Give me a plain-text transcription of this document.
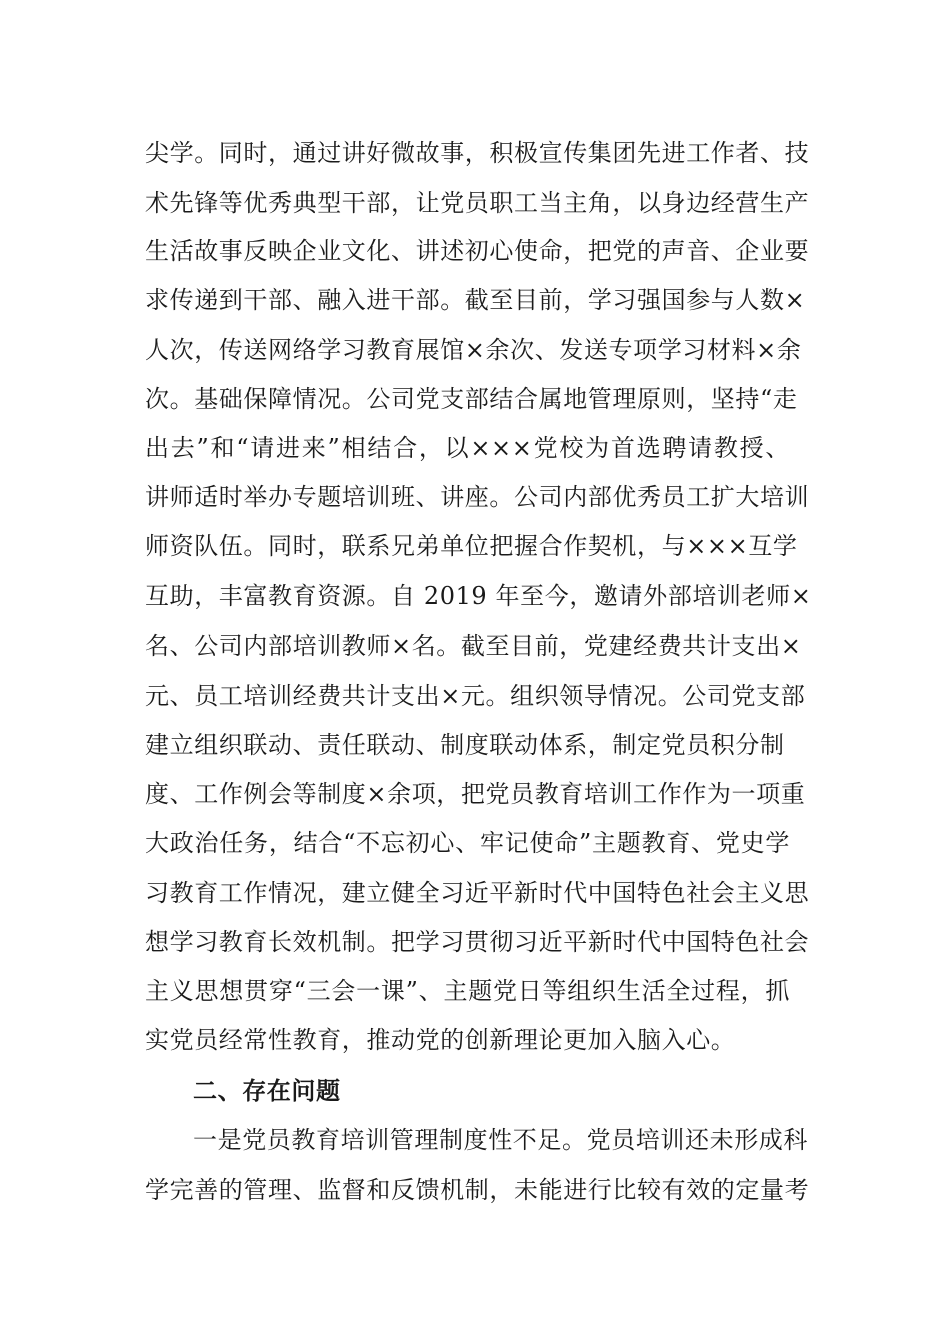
尖学。同时，通过讲好微故事，积极宣传集团先进工作者、技
术先锋等优秀典型干部，让党员职工当主角，以身边经营生产
生活故事反映企业文化、讲述初心使命，把党的声音、企业要
求传递到干部、融入进干部。截至目前，学习强国参与人数×
人次，传送网络学习教育展馆×余次、发送专项学习材料×余
次。基础保障情况。公司党支部结合属地管理原则，坚持“走
出去”和“请进来”相结合，以×××党校为首选聘请教授、
讲师适时举办专题培训班、讲座。公司内部优秀员工扩大培训
师资队伍。同时，联系兄弟单位把握合作契机，与×××互学
互助，丰富教育资源。自 2019 年至今，邀请外部培训老师×
名、公司内部培训教师×名。截至目前，党建经费共计支出×
元、员工培训经费共计支出×元。组织领导情况。公司党支部
建立组织联动、责任联动、制度联动体系，制定党员积分制
度、工作例会等制度×余项，把党员教育培训工作作为一项重
大政治任务，结合“不忘初心、牢记使命”主题教育、党史学
习教育工作情况，建立健全习近平新时代中国特色社会主义思
想学习教育长效机制。把学习贯彻习近平新时代中国特色社会
主义思想贯穿“三会一课”、主题党日等组织生活全过程，抓
实党员经常性教育，推动党的创新理论更加入脑入心。
二、存在问题
一是党员教育培训管理制度性不足。党员培训还未形成科
学完善的管理、监督和反馈机制，未能进行比较有效的定量考
